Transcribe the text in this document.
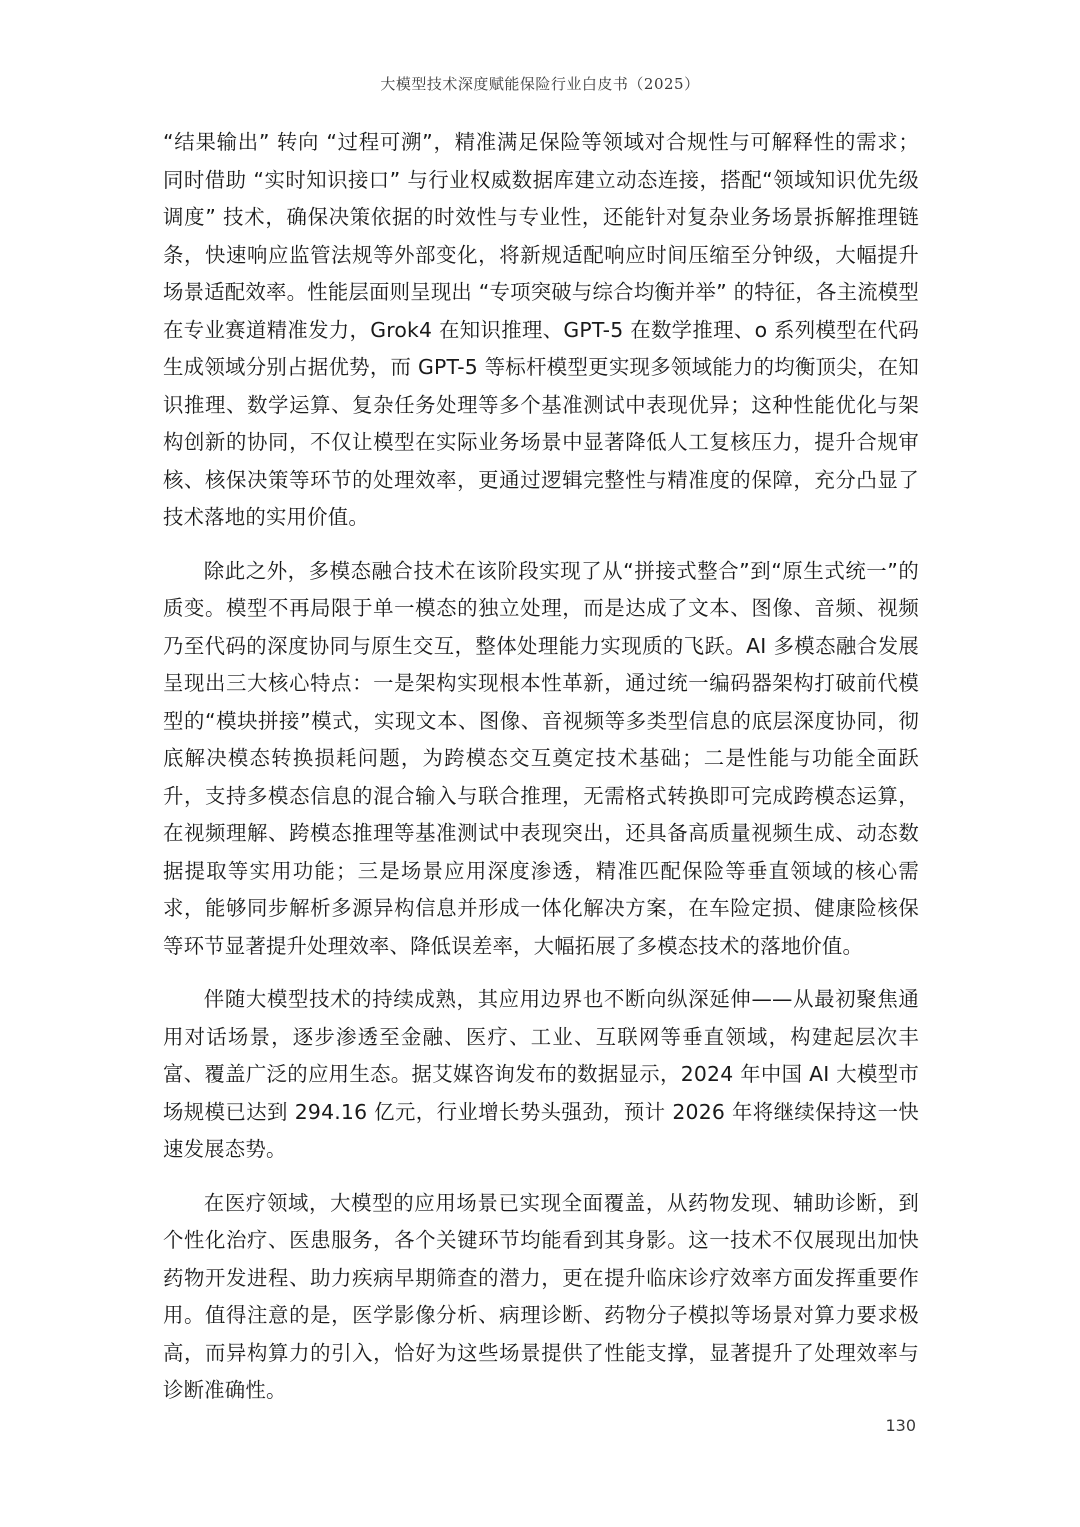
大模型技术深度赋能保险行业白皮书（2025）

“结果输出” 转向 “过程可溯”，精准满足保险等领域对合规性与可解释性的需求；同时借助 “实时知识接口” 与行业权威数据库建立动态连接，搭配“领域知识优先级调度” 技术，确保决策依据的时效性与专业性，还能针对复杂业务场景拆解推理链条，快速响应监管法规等外部变化，将新规适配响应时间压缩至分钟级，大幅提升场景适配效率。性能层面则呈现出 “专项突破与综合均衡并举” 的特征，各主流模型在专业赛道精准发力，Grok4 在知识推理、GPT-5 在数学推理、o 系列模型在代码生成领域分别占据优势，而 GPT-5 等标杆模型更实现多领域能力的均衡顶尖，在知识推理、数学运算、复杂任务处理等多个基准测试中表现优异；这种性能优化与架构创新的协同，不仅让模型在实际业务场景中显著降低人工复核压力，提升合规审核、核保决策等环节的处理效率，更通过逻辑完整性与精准度的保障，充分凸显了技术落地的实用价值。

除此之外，多模态融合技术在该阶段实现了从“拼接式整合”到“原生式统一”的质变。模型不再局限于单一模态的独立处理，而是达成了文本、图像、音频、视频乃至代码的深度协同与原生交互，整体处理能力实现质的飞跃。AI 多模态融合发展呈现出三大核心特点：一是架构实现根本性革新，通过统一编码器架构打破前代模型的“模块拼接”模式，实现文本、图像、音视频等多类型信息的底层深度协同，彻底解决模态转换损耗问题，为跨模态交互奠定技术基础；二是性能与功能全面跃升，支持多模态信息的混合输入与联合推理，无需格式转换即可完成跨模态运算，在视频理解、跨模态推理等基准测试中表现突出，还具备高质量视频生成、动态数据提取等实用功能；三是场景应用深度渗透，精准匹配保险等垂直领域的核心需求，能够同步解析多源异构信息并形成一体化解决方案，在车险定损、健康险核保等环节显著提升处理效率、降低误差率，大幅拓展了多模态技术的落地价值。

伴随大模型技术的持续成熟，其应用边界也不断向纵深延伸——从最初聚焦通用对话场景，逐步渗透至金融、医疗、工业、互联网等垂直领域，构建起层次丰富、覆盖广泛的应用生态。据艾媒咨询发布的数据显示，2024 年中国 AI 大模型市场规模已达到 294.16 亿元，行业增长势头强劲，预计 2026 年将继续保持这一快速发展态势。

在医疗领域，大模型的应用场景已实现全面覆盖，从药物发现、辅助诊断，到个性化治疗、医患服务，各个关键环节均能看到其身影。这一技术不仅展现出加快药物开发进程、助力疾病早期筛查的潜力，更在提升临床诊疗效率方面发挥重要作用。值得注意的是，医学影像分析、病理诊断、药物分子模拟等场景对算力要求极高，而异构算力的引入，恰好为这些场景提供了性能支撑，显著提升了处理效率与诊断准确性。

130
